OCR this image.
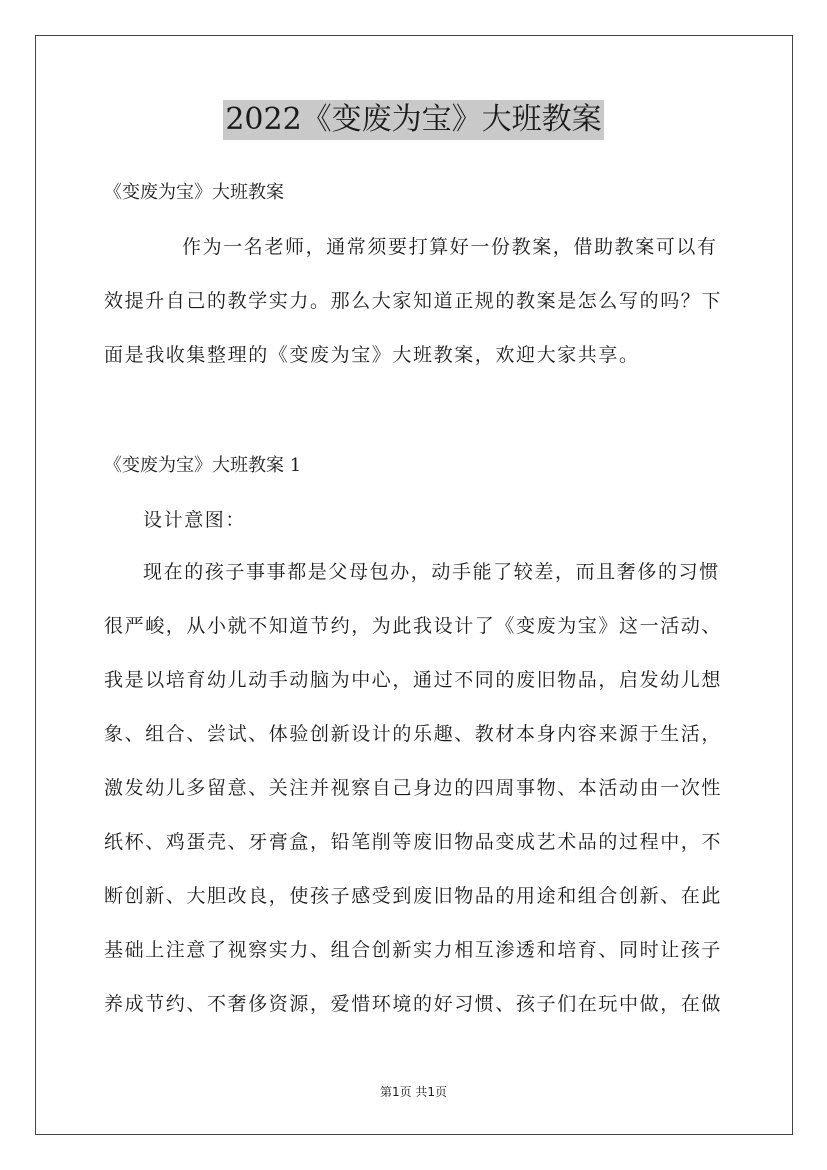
2022《变废为宝》大班教案
《变废为宝》大班教案
作为一名老师，通常须要打算好一份教案，借助教案可以有
效提升自己的教学实力。那么大家知道正规的教案是怎么写的吗？下
面是我收集整理的《变废为宝》大班教案，欢迎大家共享。
《变废为宝》大班教案 1
设计意图：
现在的孩子事事都是父母包办，动手能了较差，而且奢侈的习惯
很严峻，从小就不知道节约，为此我设计了《变废为宝》这一活动、
我是以培育幼儿动手动脑为中心，通过不同的废旧物品，启发幼儿想
象、组合、尝试、体验创新设计的乐趣、教材本身内容来源于生活，
激发幼儿多留意、关注并视察自己身边的四周事物、本活动由一次性
纸杯、鸡蛋壳、牙膏盒，铅笔削等废旧物品变成艺术品的过程中，不
断创新、大胆改良，使孩子感受到废旧物品的用途和组合创新、在此
基础上注意了视察实力、组合创新实力相互渗透和培育、同时让孩子
养成节约、不奢侈资源，爱惜环境的好习惯、孩子们在玩中做，在做
第1页 共1页
